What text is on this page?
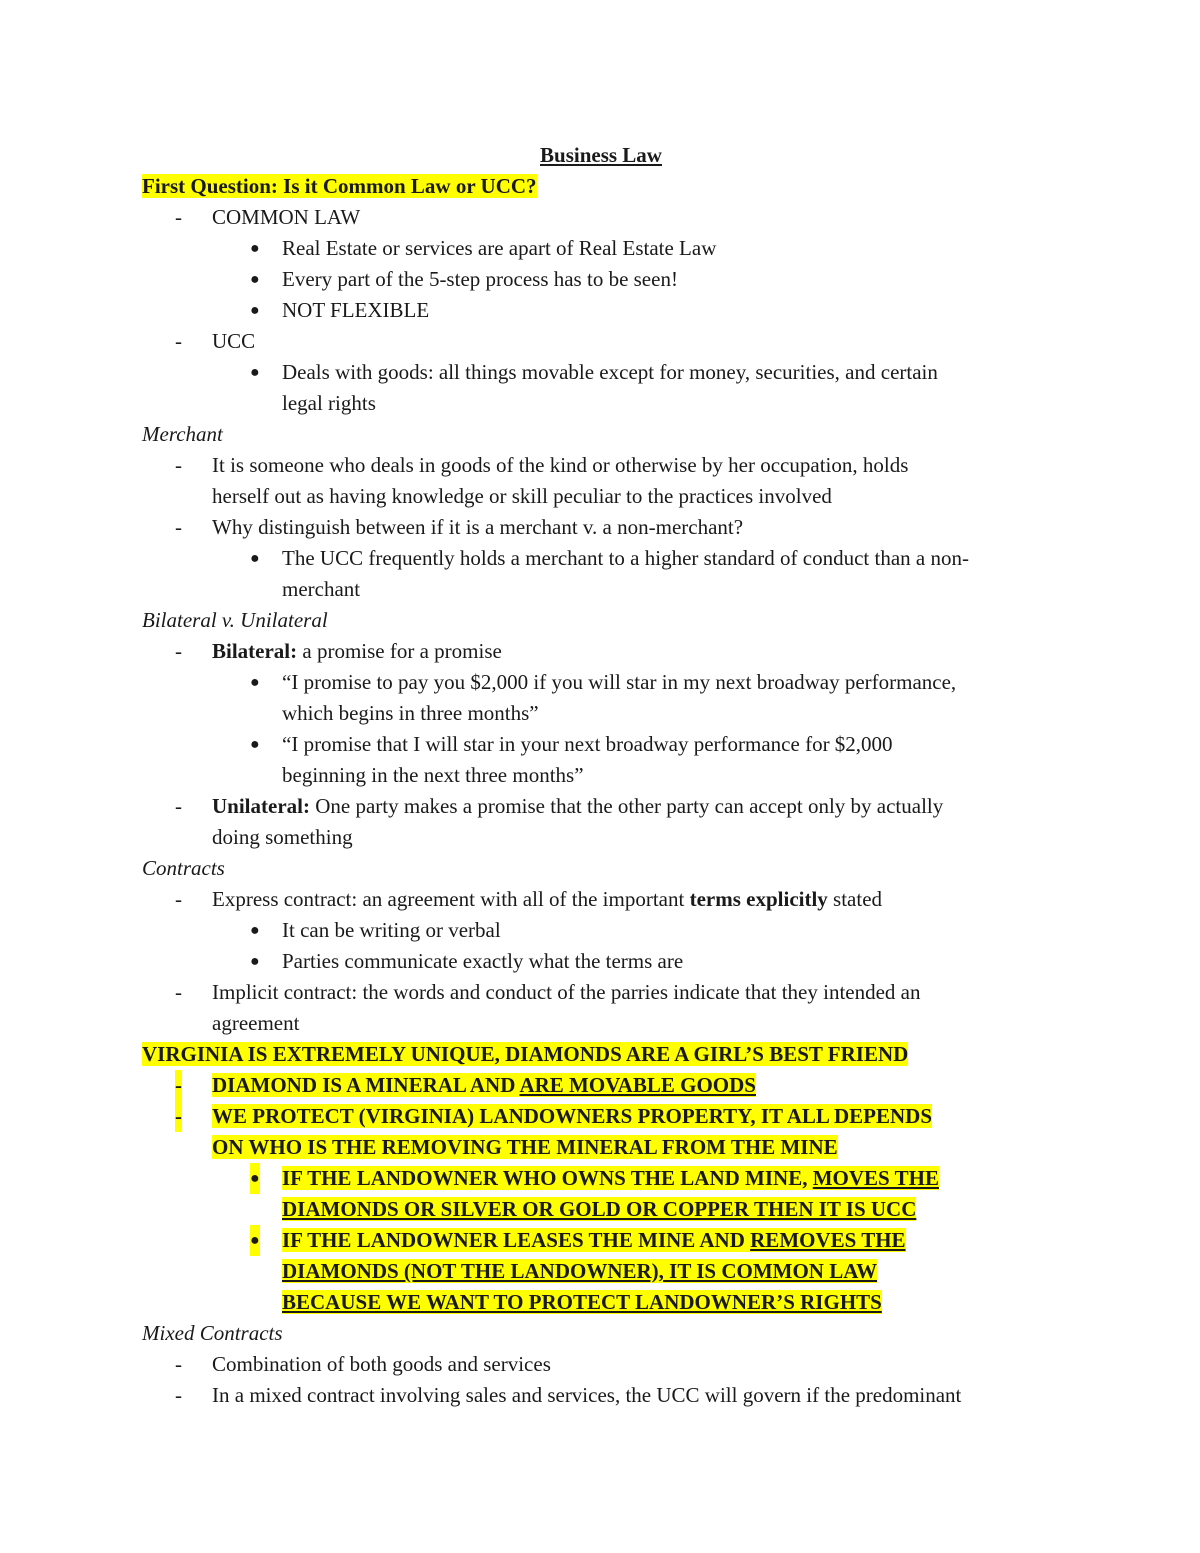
Business Law
First Question: Is it Common Law or UCC?
- COMMON LAW
● Real Estate or services are apart of Real Estate Law
● Every part of the 5-step process has to be seen!
● NOT FLEXIBLE
- UCC
● Deals with goods: all things movable except for money, securities, and certain
legal rights
Merchant
- It is someone who deals in goods of the kind or otherwise by her occupation, holds
herself out as having knowledge or skill peculiar to the practices involved
- Why distinguish between if it is a merchant v. a non-merchant?
● The UCC frequently holds a merchant to a higher standard of conduct than a non-
merchant
Bilateral v. Unilateral
- Bilateral: a promise for a promise
● “I promise to pay you $2,000 if you will star in my next broadway performance,
which begins in three months”
● “I promise that I will star in your next broadway performance for $2,000
beginning in the next three months”
- Unilateral: One party makes a promise that the other party can accept only by actually
doing something
Contracts
- Express contract: an agreement with all of the important terms explicitly stated
● It can be writing or verbal
● Parties communicate exactly what the terms are
- Implicit contract: the words and conduct of the parries indicate that they intended an
agreement
VIRGINIA IS EXTREMELY UNIQUE, DIAMONDS ARE A GIRL’S BEST FRIEND
- DIAMOND IS A MINERAL AND ARE MOVABLE GOODS
- WE PROTECT (VIRGINIA) LANDOWNERS PROPERTY, IT ALL DEPENDS
ON WHO IS THE REMOVING THE MINERAL FROM THE MINE
● IF THE LANDOWNER WHO OWNS THE LAND MINE, MOVES THE
DIAMONDS OR SILVER OR GOLD OR COPPER THEN IT IS UCC
● IF THE LANDOWNER LEASES THE MINE AND REMOVES THE
DIAMONDS (NOT THE LANDOWNER), IT IS COMMON LAW
BECAUSE WE WANT TO PROTECT LANDOWNER’S RIGHTS
Mixed Contracts
- Combination of both goods and services
- In a mixed contract involving sales and services, the UCC will govern if the predominant
